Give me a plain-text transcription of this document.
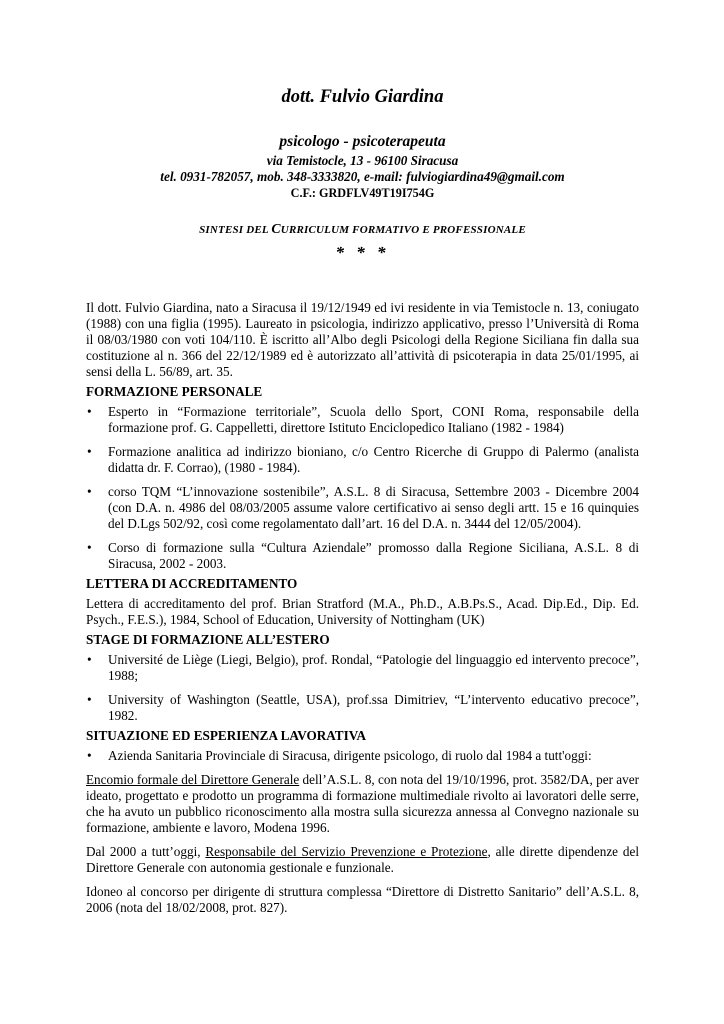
dott. Fulvio Giardina

psicologo - psicoterapeuta

via Temistocle, 13 - 96100 Siracusa

tel. 0931-782057, mob. 348-3333820, e-mail: fulviogiardina49@gmail.com

C.F.: GRDFLV49T19I754G

SINTESI DEL CURRICULUM FORMATIVO E PROFESSIONALE

* * *

Il dott. Fulvio Giardina, nato a Siracusa il 19/12/1949 ed ivi residente in via Temistocle n. 13, coniugato (1988) con una figlia (1995). Laureato in psicologia, indirizzo applicativo, presso l’Università di Roma il 08/03/1980 con voti 104/110. È iscritto all’Albo degli Psicologi della Regione Siciliana fin dalla sua costituzione al n. 366 del 22/12/1989 ed è autorizzato all’attività di psicoterapia in data 25/01/1995, ai sensi della L. 56/89, art. 35.

FORMAZIONE PERSONALE
• Esperto in “Formazione territoriale”, Scuola dello Sport, CONI Roma, responsabile della formazione prof. G. Cappelletti, direttore Istituto Enciclopedico Italiano (1982 - 1984)
• Formazione analitica ad indirizzo bioniano, c/o Centro Ricerche di Gruppo di Palermo (analista didatta dr. F. Corrao), (1980 - 1984).
• corso TQM “L’innovazione sostenibile”, A.S.L. 8 di Siracusa, Settembre 2003 - Dicembre 2004 (con D.A. n. 4986 del 08/03/2005 assume valore certificativo ai senso degli artt. 15 e 16 quinquies del D.Lgs 502/92, così come regolamentato dall’art. 16 del D.A. n. 3444 del 12/05/2004).
• Corso di formazione sulla “Cultura Aziendale” promosso dalla Regione Siciliana, A.S.L. 8 di Siracusa, 2002 - 2003.
LETTERA DI ACCREDITAMENTO

Lettera di accreditamento del prof. Brian Stratford (M.A., Ph.D., A.B.Ps.S., Acad. Dip.Ed., Dip. Ed. Psych., F.E.S.), 1984, School of Education, University of Nottingham (UK)

STAGE DI FORMAZIONE ALL’ESTERO
• Université de Liège (Liegi, Belgio), prof. Rondal, “Patologie del linguaggio ed intervento precoce”, 1988;
• University of Washington (Seattle, USA), prof.ssa Dimitriev, “L’intervento educativo precoce”, 1982.
SITUAZIONE ED ESPERIENZA LAVORATIVA
• Azienda Sanitaria Provinciale di Siracusa, dirigente psicologo, di ruolo dal 1984 a tutt'oggi:

Encomio formale del Direttore Generale dell’A.S.L. 8, con nota del 19/10/1996, prot. 3582/DA, per aver ideato, progettato e prodotto un programma di formazione multimediale rivolto ai lavoratori delle serre, che ha avuto un pubblico riconoscimento alla mostra sulla sicurezza annessa al Convegno nazionale su formazione, ambiente e lavoro, Modena 1996.

Dal 2000 a tutt’oggi, Responsabile del Servizio Prevenzione e Protezione, alle dirette dipendenze del Direttore Generale con autonomia gestionale e funzionale.

Idoneo al concorso per dirigente di struttura complessa “Direttore di Distretto Sanitario” dell’A.S.L. 8, 2006 (nota del 18/02/2008, prot. 827).
